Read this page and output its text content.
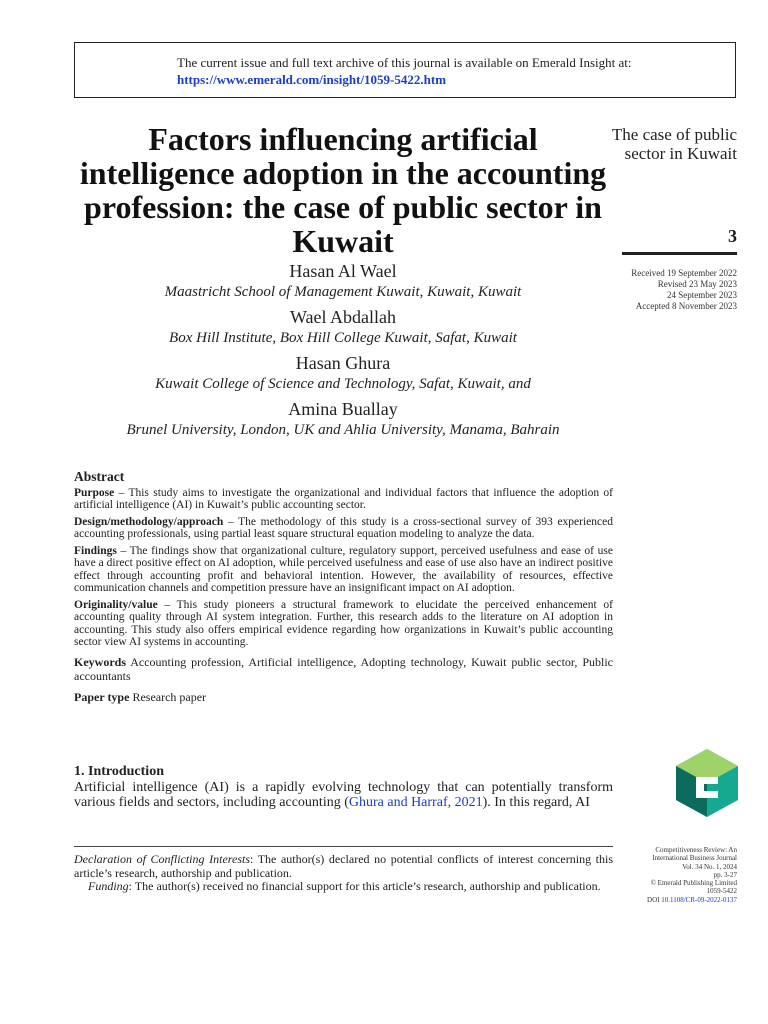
The current issue and full text archive of this journal is available on Emerald Insight at:
https://www.emerald.com/insight/1059-5422.htm
Factors influencing artificial intelligence adoption in the accounting profession: the case of public sector in Kuwait
The case of public sector in Kuwait
3
Received 19 September 2022
Revised 23 May 2023
24 September 2023
Accepted 8 November 2023
Hasan Al Wael
Maastricht School of Management Kuwait, Kuwait, Kuwait
Wael Abdallah
Box Hill Institute, Box Hill College Kuwait, Safat, Kuwait
Hasan Ghura
Kuwait College of Science and Technology, Safat, Kuwait, and
Amina Buallay
Brunel University, London, UK and Ahlia University, Manama, Bahrain
Abstract

Purpose – This study aims to investigate the organizational and individual factors that influence the adoption of artificial intelligence (AI) in Kuwait’s public accounting sector.

Design/methodology/approach – The methodology of this study is a cross-sectional survey of 393 experienced accounting professionals, using partial least square structural equation modeling to analyze the data.

Findings – The findings show that organizational culture, regulatory support, perceived usefulness and ease of use have a direct positive effect on AI adoption, while perceived usefulness and ease of use also have an indirect positive effect through accounting profit and behavioral intention. However, the availability of resources, effective communication channels and competition pressure have an insignificant impact on AI adoption.

Originality/value – This study pioneers a structural framework to elucidate the perceived enhancement of accounting quality through AI system integration. Further, this research adds to the literature on AI adoption in accounting. This study also offers empirical evidence regarding how organizations in Kuwait’s public accounting sector view AI systems in accounting.

Keywords Accounting profession, Artificial intelligence, Adopting technology, Kuwait public sector, Public accountants

Paper type Research paper

1. Introduction

Artificial intelligence (AI) is a rapidly evolving technology that can potentially transform various fields and sectors, including accounting (Ghura and Harraf, 2021). In this regard, AI

Declaration of Conflicting Interests: The author(s) declared no potential conflicts of interest concerning this article’s research, authorship and publication.

Funding: The author(s) received no financial support for this article’s research, authorship and publication.

Competitiveness Review: An
International Business Journal
Vol. 34 No. 1, 2024
pp. 3-27
© Emerald Publishing Limited
1059-5422
DOI 10.1108/CR-09-2022-0137
